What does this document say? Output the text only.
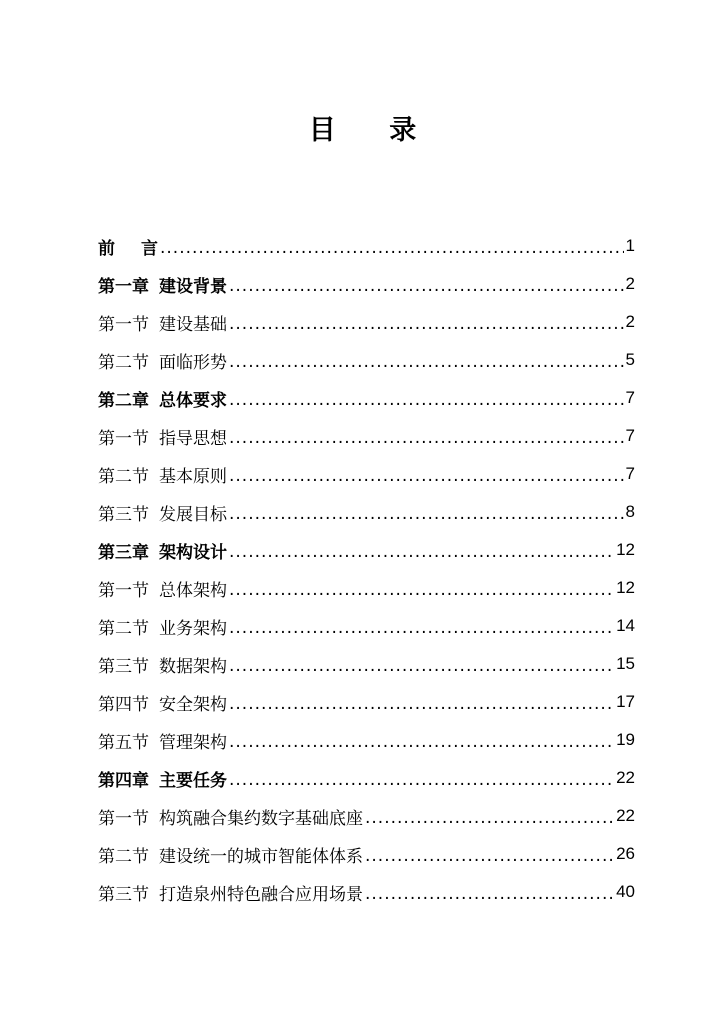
目 录
前 言 .....	1
第一章 建设背景 .....	2
第一节 建设基础 .....	2
第二节 面临形势 .....	5
第二章 总体要求 .....	7
第一节 指导思想 .....	7
第二节 基本原则 .....	7
第三节 发展目标 .....	8
第三章 架构设计 .....	12
第一节 总体架构 .....	12
第二节 业务架构 .....	14
第三节 数据架构 .....	15
第四节 安全架构 .....	17
第五节 管理架构 .....	19
第四章 主要任务 .....	22
第一节 构筑融合集约数字基础底座 .....	22
第二节 建设统一的城市智能体体系 .....	26
第三节 打造泉州特色融合应用场景 .....	40
